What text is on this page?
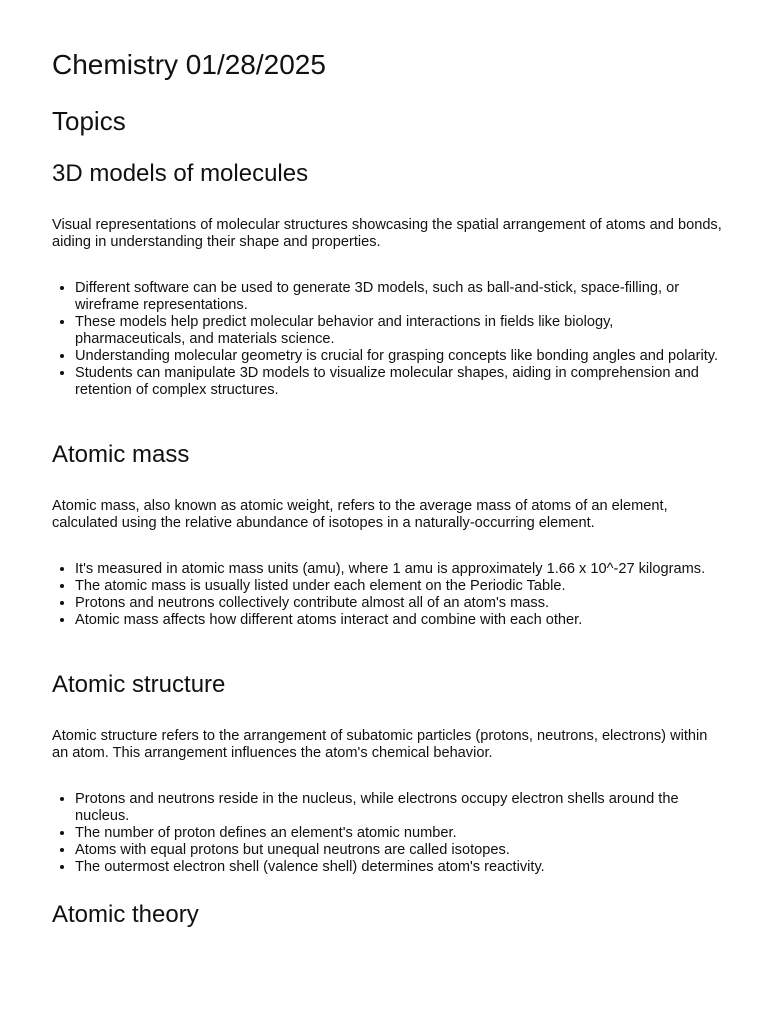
Chemistry 01/28/2025
Topics
3D models of molecules

Visual representations of molecular structures showcasing the spatial arrangement of atoms and bonds, aiding in understanding their shape and properties.

• Different software can be used to generate 3D models, such as ball-and-stick, space-filling, or wireframe representations.
• These models help predict molecular behavior and interactions in fields like biology, pharmaceuticals, and materials science.
• Understanding molecular geometry is crucial for grasping concepts like bonding angles and polarity.
• Students can manipulate 3D models to visualize molecular shapes, aiding in comprehension and retention of complex structures.
Atomic mass

Atomic mass, also known as atomic weight, refers to the average mass of atoms of an element, calculated using the relative abundance of isotopes in a naturally-occurring element.

• It's measured in atomic mass units (amu), where 1 amu is approximately 1.66 x 10^-27 kilograms.
• The atomic mass is usually listed under each element on the Periodic Table.
• Protons and neutrons collectively contribute almost all of an atom's mass.
• Atomic mass affects how different atoms interact and combine with each other.
Atomic structure

Atomic structure refers to the arrangement of subatomic particles (protons, neutrons, electrons) within an atom. This arrangement influences the atom's chemical behavior.

• Protons and neutrons reside in the nucleus, while electrons occupy electron shells around the nucleus.
• The number of proton defines an element's atomic number.
• Atoms with equal protons but unequal neutrons are called isotopes.
• The outermost electron shell (valence shell) determines atom's reactivity.
Atomic theory
